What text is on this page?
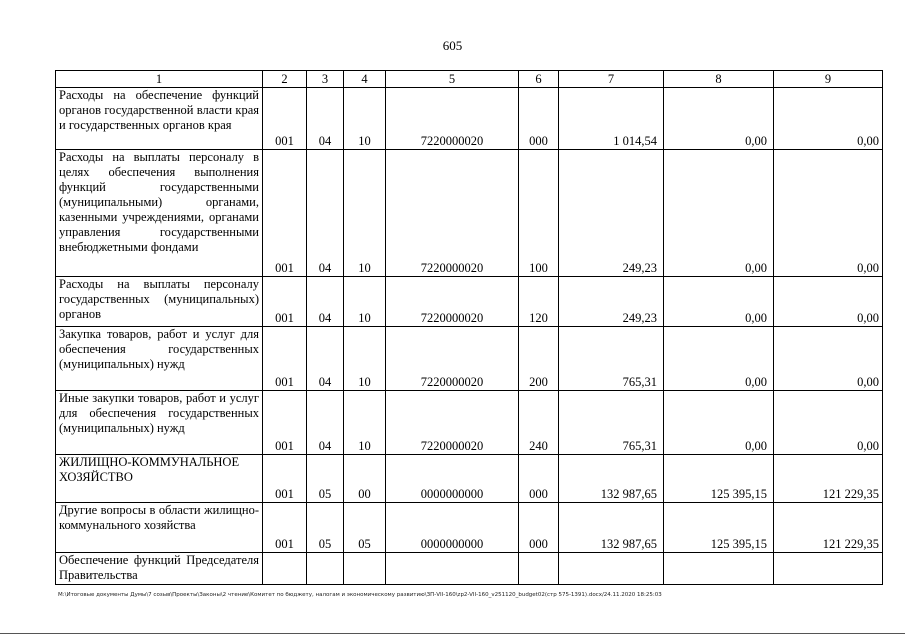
605
1	2	3	4	5	6	7	8	9
Расходы на обеспечение функций органов государственной власти края и государственных органов края	001	04	10	7220000020	000	1 014,54	0,00	0,00
Расходы на выплаты персоналу в целях обеспечения выполнения функций государственными (муниципальными) органами, казенными учреждениями, органами управления государственными внебюджетными фондами	001	04	10	7220000020	100	249,23	0,00	0,00
Расходы на выплаты персоналу государственных (муниципальных) органов	001	04	10	7220000020	120	249,23	0,00	0,00
Закупка товаров, работ и услуг для обеспечения государственных (муниципальных) нужд	001	04	10	7220000020	200	765,31	0,00	0,00
Иные закупки товаров, работ и услуг для обеспечения государственных (муниципальных) нужд	001	04	10	7220000020	240	765,31	0,00	0,00
ЖИЛИЩНО-КОММУНАЛЬНОЕ ХОЗЯЙСТВО	001	05	00	0000000000	000	132 987,65	125 395,15	121 229,35
Другие вопросы в области жилищно-коммунального хозяйства	001	05	05	0000000000	000	132 987,65	125 395,15	121 229,35
Обеспечение функций Председателя Правительства								
M:\Итоговые документы Думы\7 созыв\Проекты\Законы\2 чтение\Комитет по бюджету, налогам и экономическому развитию\ЗП-VII-160\zp2-VII-160_v251120_budget02(стр 575-1391).docx/24.11.2020 18:25:03
